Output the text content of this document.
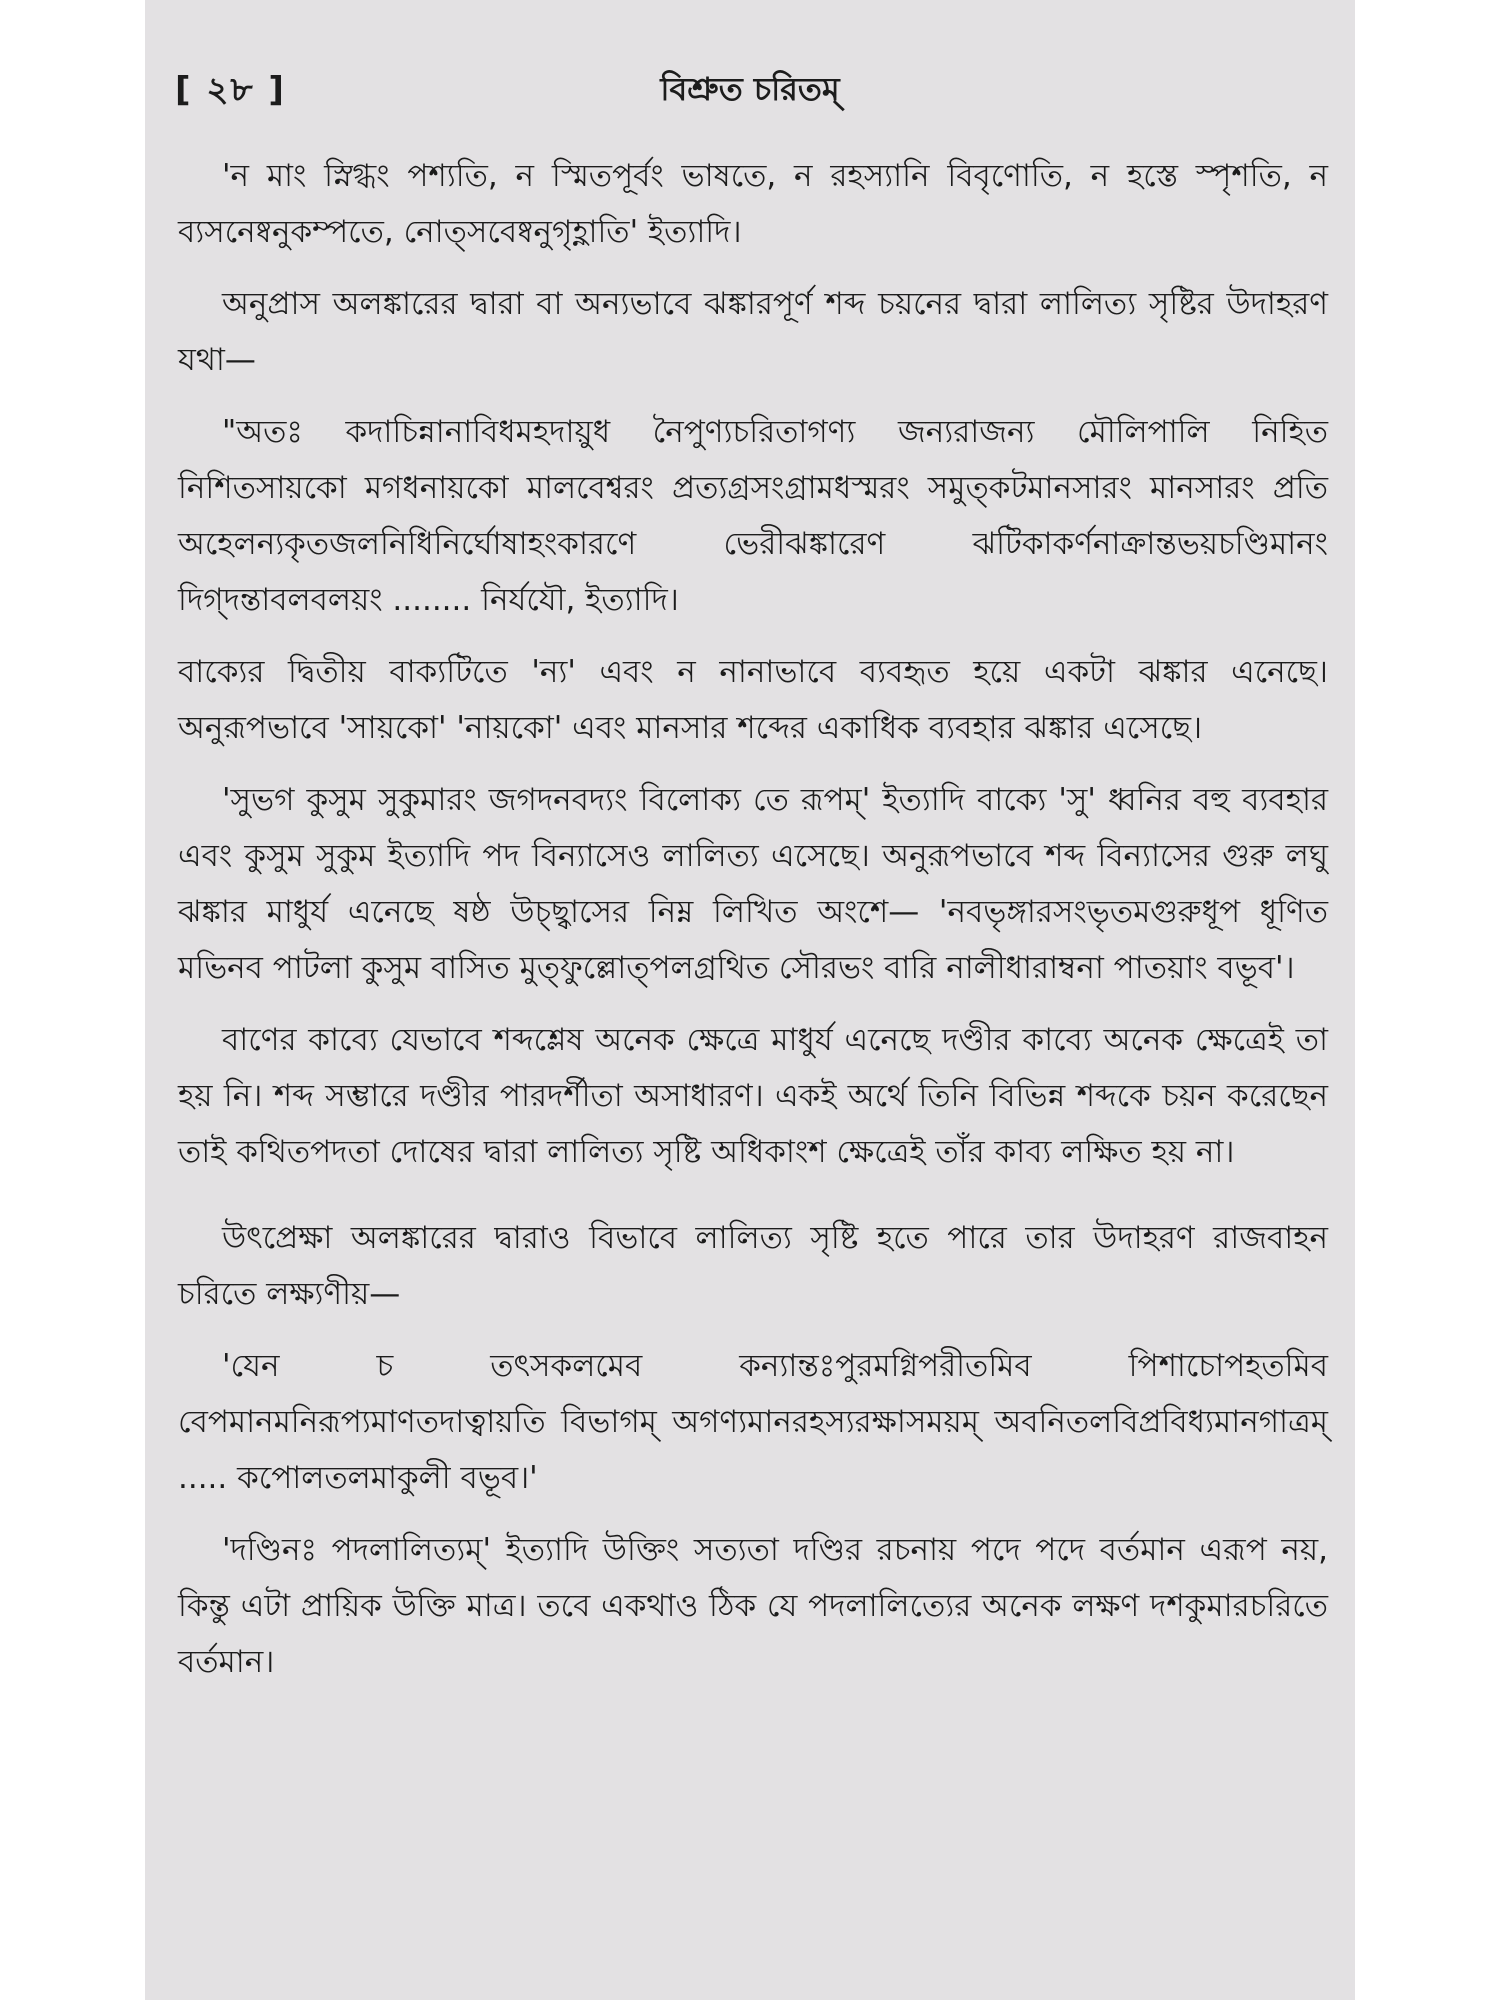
[ ২৮ ]	বিশ্রুত চরিতম্

'ন মাং স্নিগ্ধং পশ্যতি, ন স্মিতপূর্বং ভাষতে, ন রহস্যানি বিবৃণোতি, ন হস্তে স্পৃশতি, ন ব্যসনেষ্বনুকম্পতে, নোত্‌সবেষ্বনুগৃহ্ণাতি' ইত্যাদি।

অনুপ্রাস অলঙ্কারের দ্বারা বা অন্যভাবে ঝঙ্কারপূর্ণ শব্দ চয়নের দ্বারা লালিত্য সৃষ্টির উদাহরণ যথা—

"অতঃ কদাচিন্নানাবিধমহদায়ুধ নৈপুণ্যচরিতাগণ্য জন্যরাজন্য মৌলিপালি নিহিত নিশিতসায়কো মগধনায়কো মালবেশ্বরং প্রত্যগ্রসংগ্রামধস্মরং সমুত্‌কটমানসারং মানসারং প্রতি অহেলন্যকৃতজলনিধিনির্ঘোষাহংকারণে ভেরীঝঙ্কারেণ ঝটিকাকর্ণনাক্রান্তভয়চণ্ডিমানং দিগ্‌দন্তাবলবলয়ং ........ নির্যযৌ, ইত্যাদি।

বাক্যের দ্বিতীয় বাক্যটিতে 'ন্য' এবং ন নানাভাবে ব্যবহৃত হয়ে একটা ঝঙ্কার এনেছে। অনুরূপভাবে 'সায়কো' 'নায়কো' এবং মানসার শব্দের একাধিক ব্যবহার ঝঙ্কার এসেছে।

'সুভগ কুসুম সুকুমারং জগদনবদ্যং বিলোক্য তে রূপম্' ইত্যাদি বাক্যে 'সু' ধ্বনির বহু ব্যবহার এবং কুসুম সুকুম ইত্যাদি পদ বিন্যাসেও লালিত্য এসেছে। অনুরূপভাবে শব্দ বিন্যাসের গুরু লঘু ঝঙ্কার মাধুর্য এনেছে ষষ্ঠ উচ্ছ্বাসের নিম্ন লিখিত অংশে— 'নবভৃঙ্গারসংভৃতমগুরুধূপ ধূণিত মভিনব পাটলা কুসুম বাসিত মুত্‌ফুল্লোত্‌পলগ্রথিত সৌরভং বারি নালীধারাম্বনা পাতয়াং বভূব'।

বাণের কাব্যে যেভাবে শব্দশ্লেষ অনেক ক্ষেত্রে মাধুর্য এনেছে দণ্ডীর কাব্যে অনেক ক্ষেত্রেই তা হয় নি। শব্দ সম্ভারে দণ্ডীর পারদর্শীতা অসাধারণ। একই অর্থে তিনি বিভিন্ন শব্দকে চয়ন করেছেন তাই কথিতপদতা দোষের দ্বারা লালিত্য সৃষ্টি অধিকাংশ ক্ষেত্রেই তাঁর কাব্য লক্ষিত হয় না।

উৎপ্রেক্ষা অলঙ্কারের দ্বারাও বিভাবে লালিত্য সৃষ্টি হতে পারে তার উদাহরণ রাজবাহন চরিতে লক্ষ্যণীয়—

'যেন চ তৎসকলমেব কন্যান্তঃপুরমগ্নিপরীতমিব পিশাচোপহতমিব বেপমানমনিরূপ্যমাণতদাত্বায়তি বিভাগম্ অগণ্যমানরহস্যরক্ষাসময়ম্ অবনিতলবিপ্রবিধ্যমানগাত্রম্ ..... কপোলতলমাকুলী বভূব।'

'দণ্ডিনঃ পদলালিত্যম্' ইত্যাদি উক্তিং সত্যতা দণ্ডির রচনায় পদে পদে বর্তমান এরূপ নয়, কিন্তু এটা প্রায়িক উক্তি মাত্র। তবে একথাও ঠিক যে পদলালিত্যের অনেক লক্ষণ দশকুমারচরিতে বর্তমান।
